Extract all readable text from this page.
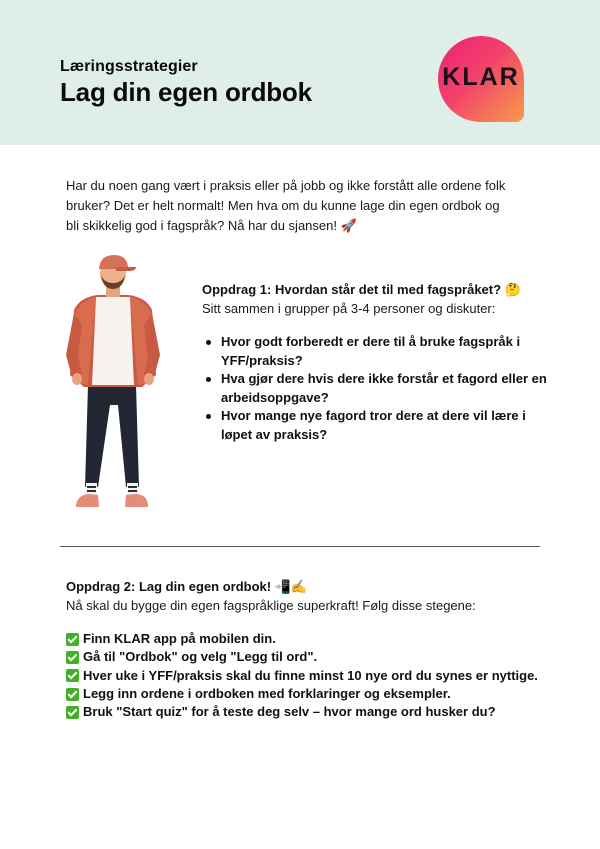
Læringsstrategier
Lag din egen ordbok	KLAR

Har du noen gang vært i praksis eller på jobb og ikke forstått alle ordene folk bruker? Det er helt normalt! Men hva om du kunne lage din egen ordbok og bli skikkelig god i fagspråk? Nå har du sjansen! 🚀

Oppdrag 1: Hvordan står det til med fagspråket? 🤔
Sitt sammen i grupper på 3-4 personer og diskuter:
Hvor godt forberedt er dere til å bruke fagspråk i YFF/praksis?
Hva gjør dere hvis dere ikke forstår et fagord eller en arbeidsoppgave?
Hvor mange nye fagord tror dere at dere vil lære i løpet av praksis?
Oppdrag 2: Lag din egen ordbok! 📲✍️
Nå skal du bygge din egen fagspråklige superkraft! Følg disse stegene:
Finn KLAR app på mobilen din.
Gå til "Ordbok" og velg "Legg til ord".
Hver uke i YFF/praksis skal du finne minst 10 nye ord du synes er nyttige.
Legg inn ordene i ordboken med forklaringer og eksempler.
Bruk "Start quiz" for å teste deg selv – hvor mange ord husker du?
